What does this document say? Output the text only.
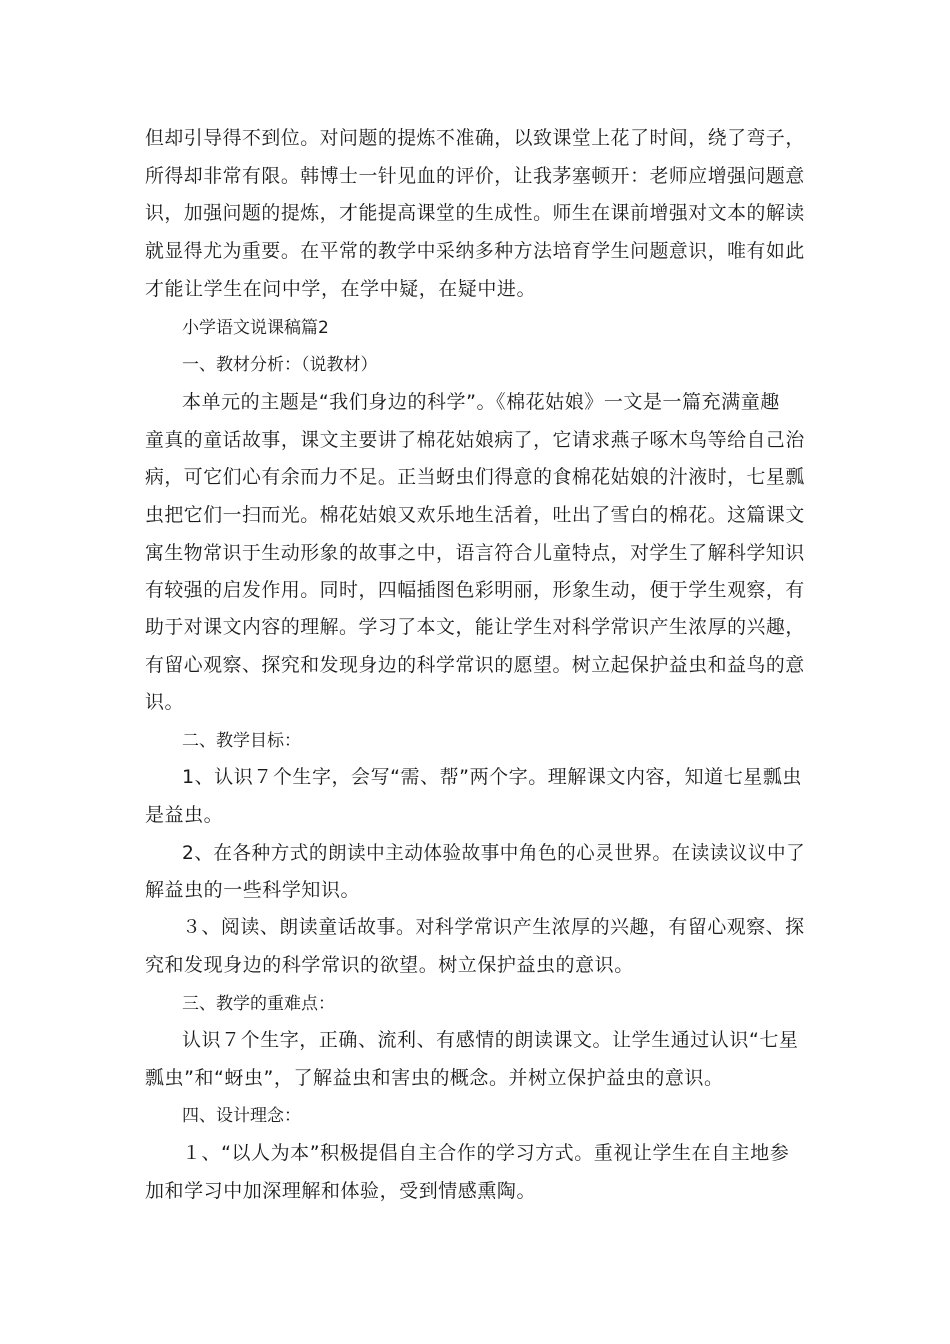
但却引导得不到位。对问题的提炼不准确，以致课堂上花了时间，绕了弯子，
所得却非常有限。韩博士一针见血的评价，让我茅塞顿开：老师应增强问题意
识，加强问题的提炼，才能提高课堂的生成性。师生在课前增强对文本的解读
就显得尤为重要。在平常的教学中采纳多种方法培育学生问题意识，唯有如此
才能让学生在问中学，在学中疑，在疑中进。
小学语文说课稿篇2
一、教材分析：（说教材）
本单元的主题是“我们身边的科学”。《棉花姑娘》一文是一篇充满童趣
童真的童话故事，课文主要讲了棉花姑娘病了，它请求燕子啄木鸟等给自己治
病，可它们心有余而力不足。正当蚜虫们得意的食棉花姑娘的汁液时，七星瓢
虫把它们一扫而光。棉花姑娘又欢乐地生活着，吐出了雪白的棉花。这篇课文
寓生物常识于生动形象的故事之中，语言符合儿童特点，对学生了解科学知识
有较强的启发作用。同时，四幅插图色彩明丽，形象生动，便于学生观察，有
助于对课文内容的理解。学习了本文，能让学生对科学常识产生浓厚的兴趣，
有留心观察、探究和发现身边的科学常识的愿望。树立起保护益虫和益鸟的意
识。
二、教学目标：
1、认识７个生字，会写“需、帮”两个字。理解课文内容，知道七星瓢虫
是益虫。
2、在各种方式的朗读中主动体验故事中角色的心灵世界。在读读议议中了
解益虫的一些科学知识。
３、阅读、朗读童话故事。对科学常识产生浓厚的兴趣，有留心观察、探
究和发现身边的科学常识的欲望。树立保护益虫的意识。
三、教学的重难点：
认识７个生字，正确、流利、有感情的朗读课文。让学生通过认识“七星
瓢虫”和“蚜虫”，了解益虫和害虫的概念。并树立保护益虫的意识。
四、设计理念：
１、“以人为本”积极提倡自主合作的学习方式。重视让学生在自主地参
加和学习中加深理解和体验，受到情感熏陶。
